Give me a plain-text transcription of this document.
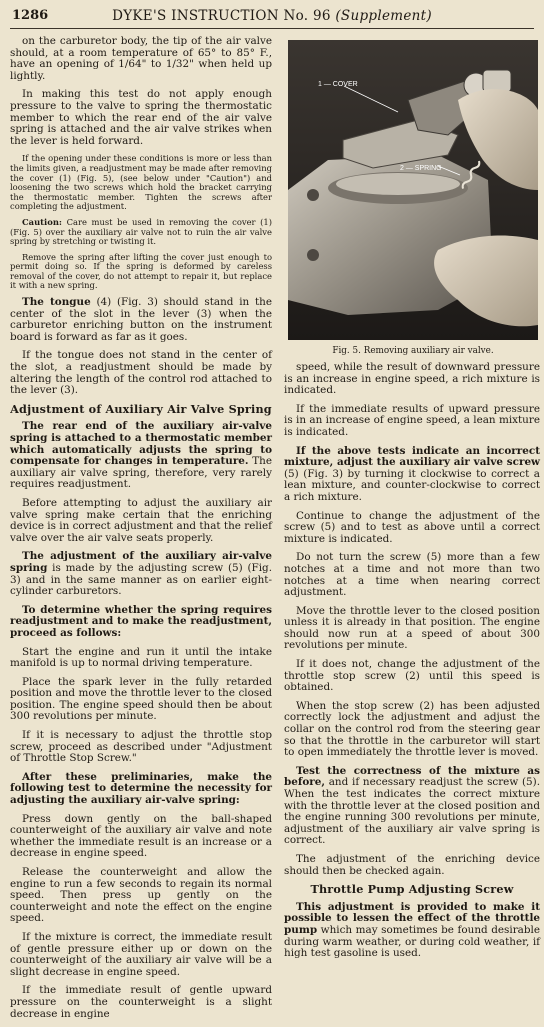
1286	DYKE'S INSTRUCTION No. 96 (Supplement)

on the carburetor body, the tip of the air valve should, at a room temperature of 65° to 85° F., have an opening of 1/64" to 1/32" when held up lightly.

In making this test do not apply enough pressure to the valve to spring the thermostatic member to which the rear end of the air valve spring is attached and the air valve strikes when the lever is held forward.

If the opening under these conditions is more or less than the limits given, a readjustment may be made after removing the cover (1) (Fig. 5), (see below under "Caution") and loosening the two screws which hold the bracket carrying the thermostatic member. Tighten the screws after completing the adjustment.

Caution: Care must be used in removing the cover (1) (Fig. 5) over the auxiliary air valve not to ruin the air valve spring by stretching or twisting it.

Remove the spring after lifting the cover just enough to permit doing so. If the spring is deformed by careless removal of the cover, do not attempt to repair it, but replace it with a new spring.

The tongue (4) (Fig. 3) should stand in the center of the slot in the lever (3) when the carburetor enriching button on the instrument board is forward as far as it goes.

If the tongue does not stand in the center of the slot, a readjustment should be made by altering the length of the control rod attached to the lever (3).

Adjustment of Auxiliary Air Valve Spring

The rear end of the auxiliary air-valve spring is attached to a thermostatic member which automatically adjusts the spring to compensate for changes in temperature. The auxiliary air valve spring, therefore, very rarely requires readjustment.

Before attempting to adjust the auxiliary air valve spring make certain that the enriching device is in correct adjustment and that the relief valve over the air valve seats properly.

The adjustment of the auxiliary air-valve spring is made by the adjusting screw (5) (Fig. 3) and in the same manner as on earlier eight-cylinder carburetors.

To determine whether the spring requires readjustment and to make the readjustment, proceed as follows:

Start the engine and run it until the intake manifold is up to normal driving temperature.

Place the spark lever in the fully retarded position and move the throttle lever to the closed position. The engine speed should then be about 300 revolutions per minute.

If it is necessary to adjust the throttle stop screw, proceed as described under "Adjustment of Throttle Stop Screw."

After these preliminaries, make the following test to determine the necessity for adjusting the auxiliary air-valve spring:

Press down gently on the ball-shaped counterweight of the auxiliary air valve and note whether the immediate result is an increase or a decrease in engine speed.

Release the counterweight and allow the engine to run a few seconds to regain its normal speed. Then press up gently on the counterweight and note the effect on the engine speed.

If the mixture is correct, the immediate result of gentle pressure either up or down on the counterweight of the auxiliary air valve will be a slight decrease in engine speed.

If the immediate result of gentle upward pressure on the counterweight is a slight decrease in engine

1 — COVER
2 — SPRING
Fig. 5. Removing auxiliary air valve.

speed, while the result of downward pressure is an increase in engine speed, a rich mixture is indicated.

If the immediate results of upward pressure is in an increase of engine speed, a lean mixture is indicated.

If the above tests indicate an incorrect mixture, adjust the auxiliary air valve screw (5) (Fig. 3) by turning it clockwise to correct a lean mixture, and counter-clockwise to correct a rich mixture.

Continue to change the adjustment of the screw (5) and to test as above until a correct mixture is indicated.

Do not turn the screw (5) more than a few notches at a time and not more than two notches at a time when nearing correct adjustment.

Move the throttle lever to the closed position unless it is already in that position. The engine should now run at a speed of about 300 revolutions per minute.

If it does not, change the adjustment of the throttle stop screw (2) until this speed is obtained.

When the stop screw (2) has been adjusted correctly lock the adjustment and adjust the collar on the control rod from the steering gear so that the throttle in the carburetor will start to open immediately the throttle lever is moved.

Test the correctness of the mixture as before, and if necessary readjust the screw (5). When the test indicates the correct mixture with the throttle lever at the closed position and the engine running 300 revolutions per minute, adjustment of the auxiliary air valve spring is correct.

The adjustment of the enriching device should then be checked again.

Throttle Pump Adjusting Screw

This adjustment is provided to make it possible to lessen the effect of the throttle pump which may sometimes be found desirable during warm weather, or during cold weather, if high test gasoline is used.
